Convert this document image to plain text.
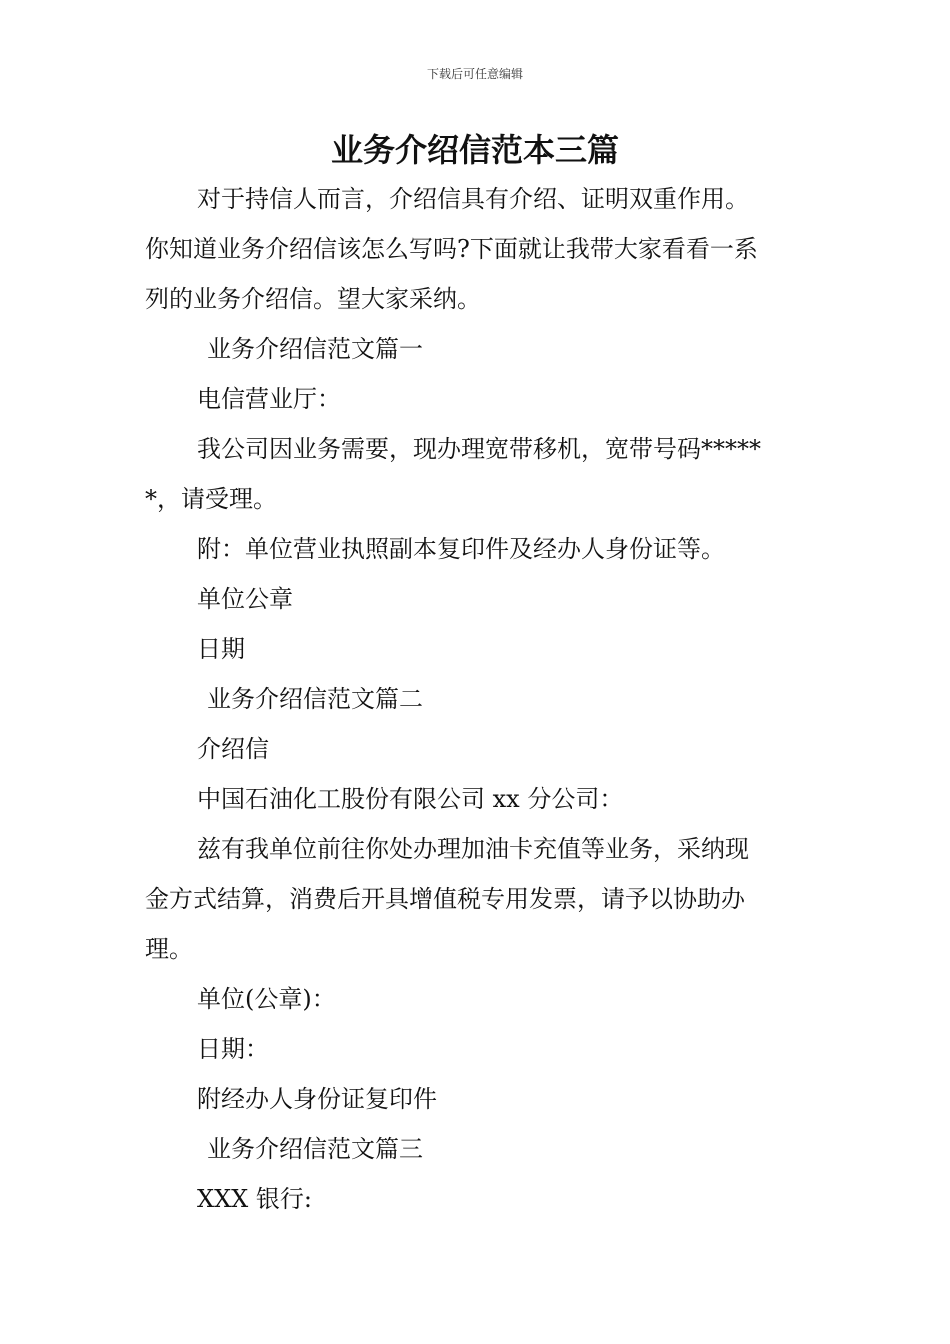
下载后可任意编辑
业务介绍信范本三篇

对于持信人而言，介绍信具有介绍、证明双重作用。

你知道业务介绍信该怎么写吗?下面就让我带大家看看一系

列的业务介绍信。望大家采纳。

业务介绍信范文篇一

电信营业厅：

我公司因业务需要，现办理宽带移机，宽带号码*****

*，请受理。

附：单位营业执照副本复印件及经办人身份证等。

单位公章

日期

业务介绍信范文篇二

介绍信

中国石油化工股份有限公司 xx 分公司：

兹有我单位前往你处办理加油卡充值等业务，采纳现

金方式结算，消费后开具增值税专用发票，请予以协助办

理。

单位(公章)：

日期：

附经办人身份证复印件

业务介绍信范文篇三

XXX 银行:
